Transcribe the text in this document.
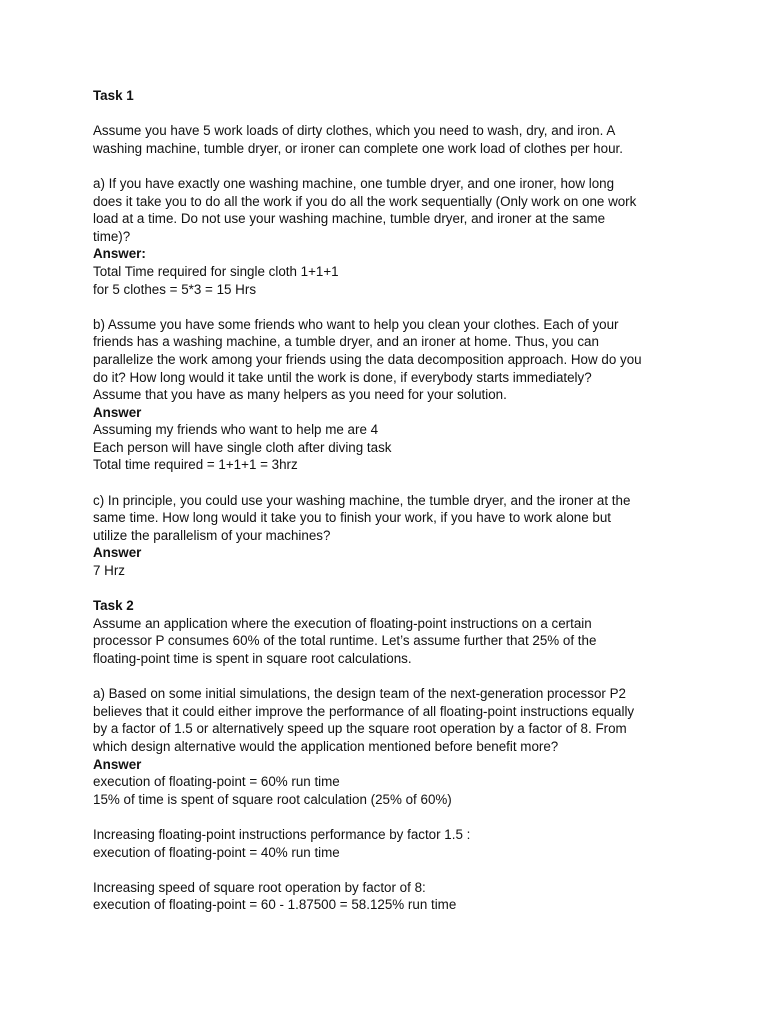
Task 1
Assume you have 5 work loads of dirty clothes, which you need to wash, dry, and iron. A
washing machine, tumble dryer, or ironer can complete one work load of clothes per hour.
a) If you have exactly one washing machine, one tumble dryer, and one ironer, how long
does it take you to do all the work if you do all the work sequentially (Only work on one work
load at a time. Do not use your washing machine, tumble dryer, and ironer at the same
time)?
Answer:
Total Time required for single cloth 1+1+1
for 5 clothes = 5*3 = 15 Hrs
b) Assume you have some friends who want to help you clean your clothes. Each of your
friends has a washing machine, a tumble dryer, and an ironer at home. Thus, you can
parallelize the work among your friends using the data decomposition approach. How do you
do it? How long would it take until the work is done, if everybody starts immediately?
Assume that you have as many helpers as you need for your solution.
Answer
Assuming my friends who want to help me are 4
Each person will have single cloth after diving task
Total time required = 1+1+1 = 3hrz
c) In principle, you could use your washing machine, the tumble dryer, and the ironer at the
same time. How long would it take you to finish your work, if you have to work alone but
utilize the parallelism of your machines?
Answer
7 Hrz
Task 2
Assume an application where the execution of floating-point instructions on a certain
processor P consumes 60% of the total runtime. Let’s assume further that 25% of the
floating-point time is spent in square root calculations.
a) Based on some initial simulations, the design team of the next-generation processor P2
believes that it could either improve the performance of all floating-point instructions equally
by a factor of 1.5 or alternatively speed up the square root operation by a factor of 8. From
which design alternative would the application mentioned before benefit more?
Answer
execution of floating-point = 60% run time
15% of time is spent of square root calculation (25% of 60%)
Increasing floating-point instructions performance by factor 1.5 :
execution of floating-point = 40% run time
Increasing speed of square root operation by factor of 8:
execution of floating-point = 60 - 1.87500 = 58.125% run time
